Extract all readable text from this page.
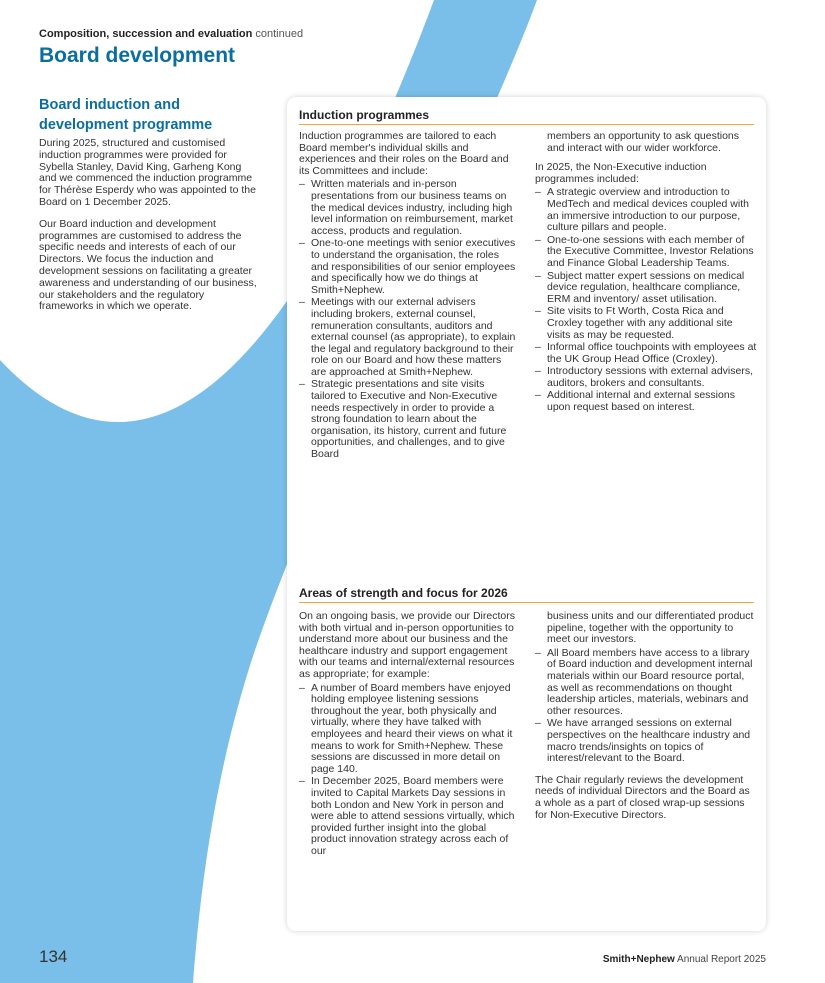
Composition, succession and evaluation continued
Board development
Board induction and development programme

During 2025, structured and customised induction programmes were provided for Sybella Stanley, David King, Garheng Kong and we commenced the induction programme for Thérèse Esperdy who was appointed to the Board on 1 December 2025.

Our Board induction and development programmes are customised to address the specific needs and interests of each of our Directors. We focus the induction and development sessions on facilitating a greater awareness and understanding of our business, our stakeholders and the regulatory frameworks in which we operate.

Induction programmes

Induction programmes are tailored to each Board member's individual skills and experiences and their roles on the Board and its Committees and include:

– Written materials and in-person presentations from our business teams on the medical devices industry, including high level information on reimbursement, market access, products and regulation.
– One-to-one meetings with senior executives to understand the organisation, the roles and responsibilities of our senior employees and specifically how we do things at Smith+Nephew.
– Meetings with our external advisers including brokers, external counsel, remuneration consultants, auditors and external counsel (as appropriate), to explain the legal and regulatory background to their role on our Board and how these matters are approached at Smith+Nephew.
– Strategic presentations and site visits tailored to Executive and Non-Executive needs respectively in order to provide a strong foundation to learn about the organisation, its history, current and future opportunities, and challenges, and to give Board

members an opportunity to ask questions and interact with our wider workforce.

In 2025, the Non-Executive induction programmes included:

– A strategic overview and introduction to MedTech and medical devices coupled with an immersive introduction to our purpose, culture pillars and people.
– One-to-one sessions with each member of the Executive Committee, Investor Relations and Finance Global Leadership Teams.
– Subject matter expert sessions on medical device regulation, healthcare compliance, ERM and inventory/ asset utilisation.
– Site visits to Ft Worth, Costa Rica and Croxley together with any additional site visits as may be requested.
– Informal office touchpoints with employees at the UK Group Head Office (Croxley).
– Introductory sessions with external advisers, auditors, brokers and consultants.
– Additional internal and external sessions upon request based on interest.
Areas of strength and focus for 2026

On an ongoing basis, we provide our Directors with both virtual and in-person opportunities to understand more about our business and the healthcare industry and support engagement with our teams and internal/external resources as appropriate; for example:

– A number of Board members have enjoyed holding employee listening sessions throughout the year, both physically and virtually, where they have talked with employees and heard their views on what it means to work for Smith+Nephew. These sessions are discussed in more detail on page 140.
– In December 2025, Board members were invited to Capital Markets Day sessions in both London and New York in person and were able to attend sessions virtually, which provided further insight into the global product innovation strategy across each of our

business units and our differentiated product pipeline, together with the opportunity to meet our investors.

– All Board members have access to a library of Board induction and development internal materials within our Board resource portal, as well as recommendations on thought leadership articles, materials, webinars and other resources.
– We have arranged sessions on external perspectives on the healthcare industry and macro trends/insights on topics of interest/relevant to the Board.

The Chair regularly reviews the development needs of individual Directors and the Board as a whole as a part of closed wrap-up sessions for Non-Executive Directors.

134	Smith+Nephew Annual Report 2025
